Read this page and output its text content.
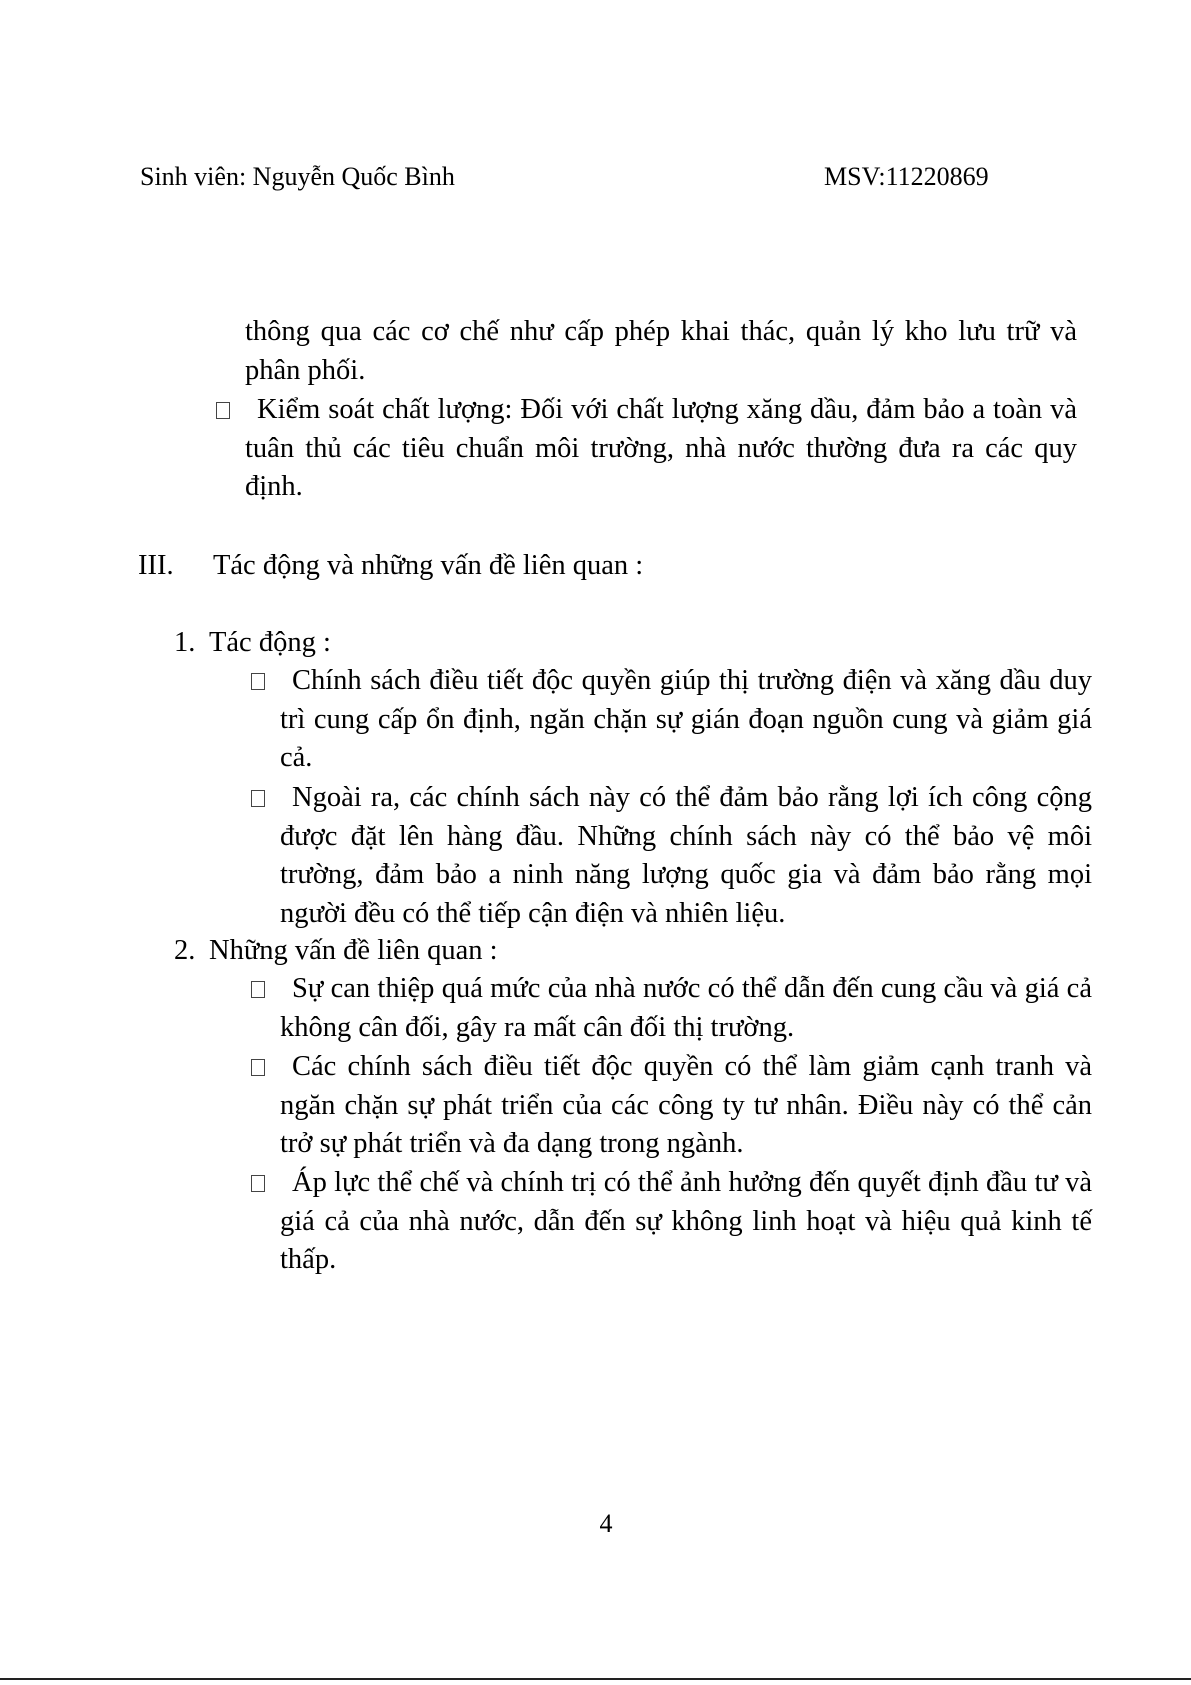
Sinh viên: Nguyễn Quốc Bình	MSV:11220869
thông qua các cơ chế như cấp phép khai thác, quản lý kho lưu trữ và phân phối.
Kiểm soát chất lượng: Đối với chất lượng xăng dầu, đảm bảo a toàn và tuân thủ các tiêu chuẩn môi trường, nhà nước thường đưa ra các quy định.
III. Tác động và những vấn đề liên quan :
1. Tác động :
Chính sách điều tiết độc quyền giúp thị trường điện và xăng dầu duy trì cung cấp ổn định, ngăn chặn sự gián đoạn nguồn cung và giảm giá cả.
Ngoài ra, các chính sách này có thể đảm bảo rằng lợi ích công cộng được đặt lên hàng đầu. Những chính sách này có thể bảo vệ môi trường, đảm bảo a ninh năng lượng quốc gia và đảm bảo rằng mọi người đều có thể tiếp cận điện và nhiên liệu.
2. Những vấn đề liên quan :
Sự can thiệp quá mức của nhà nước có thể dẫn đến cung cầu và giá cả không cân đối, gây ra mất cân đối thị trường.
Các chính sách điều tiết độc quyền có thể làm giảm cạnh tranh và ngăn chặn sự phát triển của các công ty tư nhân. Điều này có thể cản trở sự phát triển và đa dạng trong ngành.
Áp lực thể chế và chính trị có thể ảnh hưởng đến quyết định đầu tư và giá cả của nhà nước, dẫn đến sự không linh hoạt và hiệu quả kinh tế thấp.
4
